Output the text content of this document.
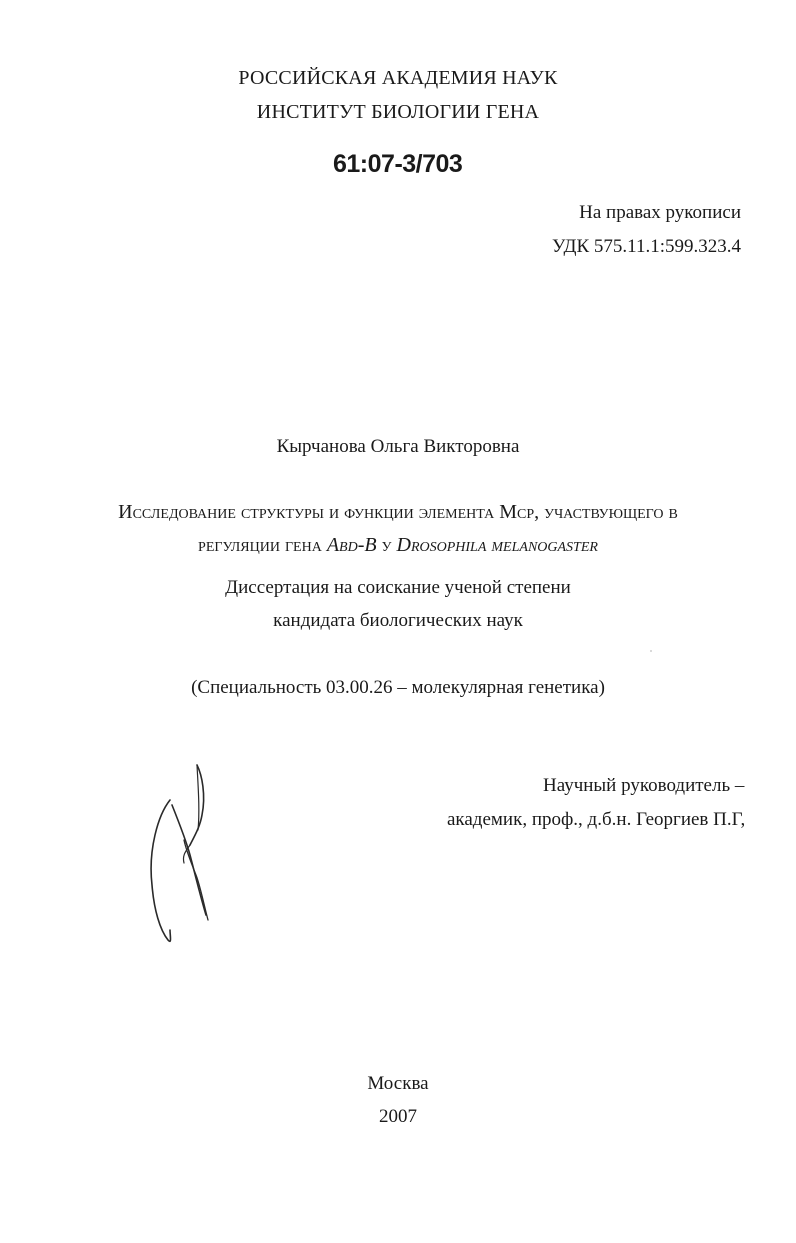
РОССИЙСКАЯ АКАДЕМИЯ НАУК
ИНСТИТУТ БИОЛОГИИ ГЕНА
61:07-3/703
На правах рукописи
УДК 575.11.1:599.323.4
Кырчанова Ольга Викторовна
Исследование структуры и функции элемента Mcp, участвующего в
регуляции гена Abd-B у Drosophila melanogaster
Диссертация на соискание ученой степени
кандидата биологических наук
(Специальность 03.00.26 – молекулярная генетика)
Научный руководитель –
академик, проф., д.б.н. Георгиев П.Г,
Москва
2007
